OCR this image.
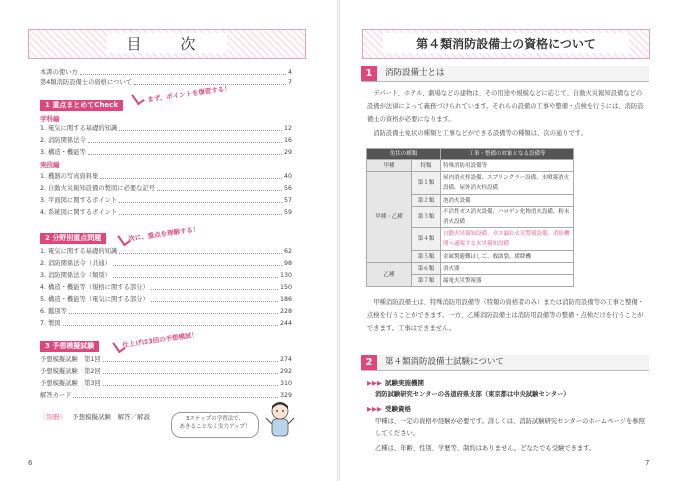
目　次
本書の使い方	4
第4類消防設備士の資格について	7
1 重点まとめてCheck
まず、ポイントを復習する！
学科編
1. 電気に関する基礎的知識	12
2. 消防関係法令	16
3. 構造・機能等	29
実技編
1. 機器の写真資料集	40
2. 自動火災報知設備の製図に必要な記号	56
3. 平面図に関するポイント	57
4. 系統図に関するポイント	59
2 分野別重点問題	次に、重点を理解する！
1. 電気に関する基礎的知識	62
2. 消防関係法令（共通）	98
3. 消防関係法令（類別）	130
4. 構造・機能等（規格に関する部分）	150
5. 構造・機能等（電気に関する部分）	186
6. 鑑別等	228
7. 製図	244
3 予想模擬試験	仕上げは3回の予想模試！
予想模擬試験　第1回	274
予想模擬試験　第2回	292
予想模擬試験　第3回	310
解答カード	329
〈別冊〉 予想模擬試験　解答／解説	3ステップの学習法で、
あきることなく実力アップ！
6
第４類消防設備士の資格について
1	消防設備士とは
デパート、ホテル、劇場などの建物は、その用途や規模などに応じて、自動火災報知設備などの設備が法律によって義務づけられています。それらの設備の工事や整備・点検を行うには、消防設備士の資格が必要になります。
消防設備士免状の種類と工事などができる設備等の種類は、次の通りです。
免状の種類		工事・整備の対象となる設備等
甲種	特類	特殊消防用設備等
甲種・乙種	第１類	屋内消火栓設備、スプリンクラー設備、水噴霧消火設備、屋外消火栓設備
	第２類	泡消火設備
	第３類	不活性ガス消火設備、ハロゲン化物消火設備、粉末消火設備
	第４類	自動火災報知設備、ガス漏れ火災警報設備、消防機関へ通報する火災報知設備
	第５類	金属製避難はしご、救助袋、緩降機
乙種	第６類	消火器
	第７類	漏電火災警報器
甲種消防設備士は、特殊消防用設備等（特類の資格者のみ）または消防用設備等の工事と整備・点検を行うことができます。一方、乙種消防設備士は消防用設備等の整備・点検だけを行うことができます。工事はできません。
2	第４類消防設備士試験について
▶▶▶ 試験実施機関
消防試験研究センターの各道府県支部（東京都は中央試験センター）
▶▶▶ 受験資格
甲種は、一定の資格や経験が必要です。詳しくは、消防試験研究センターのホームページを参照してください。
乙種は、年齢、性別、学歴等、制約はありません。どなたでも受験できます。
7
